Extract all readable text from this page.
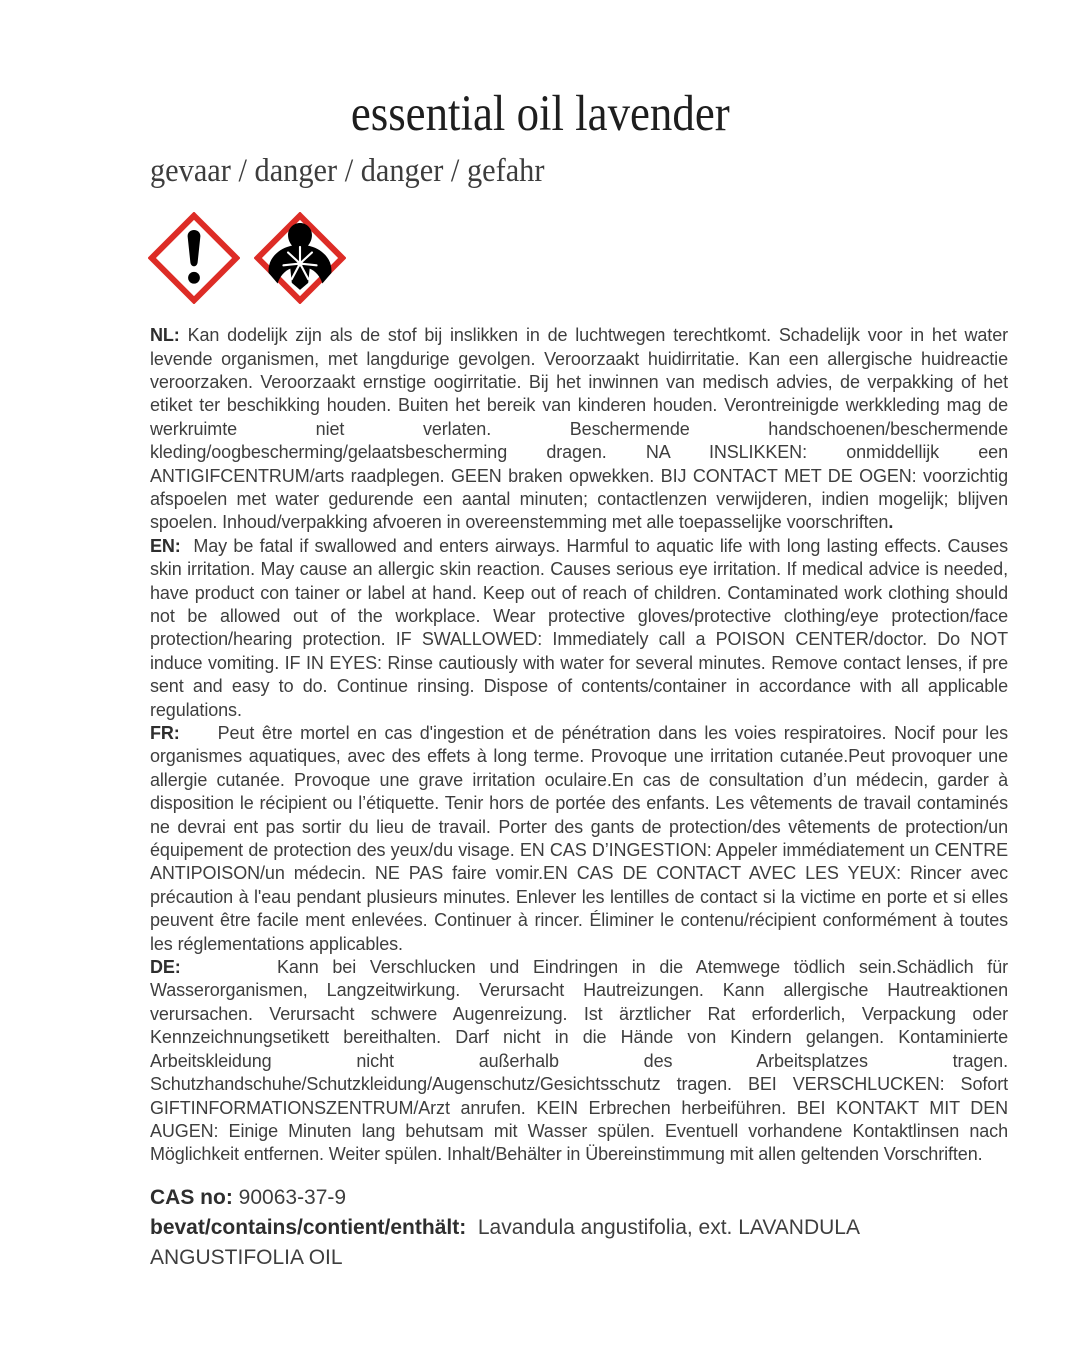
essential oil lavender
gevaar / danger / danger / gefahr

NL: Kan dodelijk zijn als de stof bij inslikken in de luchtwegen terechtkomt. Schadelijk voor in het water levende organismen, met langdurige gevolgen. Veroorzaakt huidirritatie. Kan een allergische huidreactie veroorzaken. Veroorzaakt ernstige oogirritatie. Bij het inwinnen van medisch advies, de verpakking of het etiket ter beschikking houden. Buiten het bereik van kinderen houden. Verontreinigde werkkleding mag de werkruimte niet verlaten. Beschermende handschoenen/beschermende kleding/oogbescherming/gelaatsbescherming dragen. NA INSLIKKEN: onmiddellijk een ANTIGIFCENTRUM/arts raadplegen. GEEN braken opwekken. BIJ CONTACT MET DE OGEN: voorzichtig afspoelen met water gedurende een aantal minuten; contactlenzen verwijderen, indien mogelijk; blijven spoelen. Inhoud/verpakking afvoeren in overeenstemming met alle toepasselijke voorschriften.

EN:  May be fatal if swallowed and enters airways. Harmful to aquatic life with long lasting effects. Causes skin irritation. May cause an allergic skin reaction. Causes serious eye irritation. If medical advice is needed, have product con tainer or label at hand. Keep out of reach of children. Contaminated work clothing should not be allowed out of the workplace. Wear protective gloves/protective clothing/eye protection/face protection/hearing protection. IF SWALLOWED: Immediately call a POISON CENTER/doctor. Do NOT induce vomiting. IF IN EYES: Rinse cautiously with water for several minutes. Remove contact lenses, if pre sent and easy to do. Continue rinsing. Dispose of contents/container in accordance with all applicable regulations.

FR:     Peut être mortel en cas d'ingestion et de pénétration dans les voies respiratoires. Nocif pour les organismes aquatiques, avec des effets à long terme. Provoque une irritation cutanée.Peut provoquer une allergie cutanée. Provoque une grave irritation oculaire.En cas de consultation d’un médecin, garder à disposition le récipient ou l’étiquette. Tenir hors de portée des enfants. Les vêtements de travail contaminés ne devrai ent pas sortir du lieu de travail. Porter des gants de protection/des vêtements de protection/un équipement de protection des yeux/du visage. EN CAS D’INGESTION: Appeler immédiatement un CENTRE ANTIPOISON/un médecin. NE PAS faire vomir.EN CAS DE CONTACT AVEC LES YEUX: Rincer avec précaution à l'eau pendant plusieurs minutes. Enlever les lentilles de contact si la victime en porte et si elles peuvent être facile ment enlevées. Continuer à rincer. Éliminer le contenu/récipient conformément à toutes les réglementations applicables.

DE:       Kann bei Verschlucken und Eindringen in die Atemwege tödlich sein.Schädlich für Wasserorganismen, Langzeitwirkung. Verursacht Hautreizungen. Kann allergische Hautreaktionen verursachen. Verursacht schwere Augenreizung. Ist ärztlicher Rat erforderlich, Verpackung oder Kennzeichnungsetikett bereithalten. Darf nicht in die Hände von Kindern gelangen. Kontaminierte Arbeitskleidung nicht außerhalb des Arbeitsplatzes tragen. Schutzhandschuhe/Schutzkleidung/Augenschutz/Gesichtsschutz tragen. BEI VERSCHLUCKEN: Sofort GIFTINFORMATIONSZENTRUM/Arzt anrufen. KEIN Erbrechen herbeiführen. BEI KONTAKT MIT DEN AUGEN: Einige Minuten lang behutsam mit Wasser spülen. Eventuell vorhandene Kontaktlinsen nach Möglichkeit entfernen. Weiter spülen. Inhalt/Behälter in Übereinstimmung mit allen geltenden Vorschriften.

CAS no: 90063-37-9

bevat/contains/contient/enthält:  Lavandula angustifolia, ext. LAVANDULA ANGUSTIFOLIA OIL
